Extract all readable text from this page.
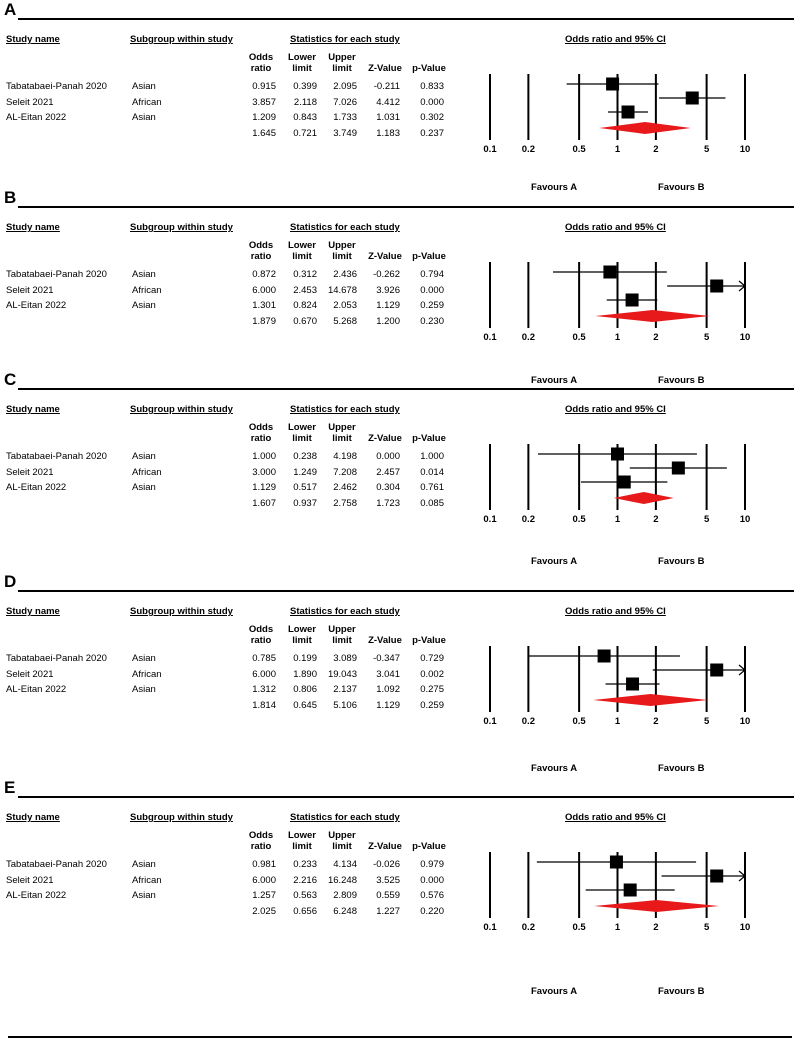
A
Study name	Subgroup within study	Statistics for each study	Odds ratio and 95% CI
Odds ratio
Lower limit
Upper limit	Z-Value p-Value
Tabatabaei-Panah 2020	Asian	0.915	0.399	2.095	-0.211	0.833
Seleit 2021	African	3.857	2.118	7.026	4.412	0.000
AL-Eitan 2022	Asian	1.209	0.843	1.733	1.031	0.302
1.645	0.721	3.749	1.183	0.237
0.1	0.2	0.5	1	2	5	10
Favours A	Favours B
B
Study name	Subgroup within study	Statistics for each study	Odds ratio and 95% CI
Odds ratio
Lower limit
Upper limit	Z-Value p-Value
Tabatabaei-Panah 2020	Asian	0.872	0.312	2.436	-0.262	0.794
Seleit 2021	African	6.000	2.453	14.678	3.926	0.000
AL-Eitan 2022	Asian	1.301	0.824	2.053	1.129	0.259
1.879	0.670	5.268	1.200	0.230
0.1	0.2	0.5	1	2	5	10
Favours A	Favours B
C
Study name	Subgroup within study	Statistics for each study	Odds ratio and 95% CI
Odds ratio
Lower limit
Upper limit	Z-Value p-Value
Tabatabaei-Panah 2020	Asian	1.000	0.238	4.198	0.000	1.000
Seleit 2021	African	3.000	1.249	7.208	2.457	0.014
AL-Eitan 2022	Asian	1.129	0.517	2.462	0.304	0.761
1.607	0.937	2.758	1.723	0.085
0.1	0.2	0.5	1	2	5	10
Favours A	Favours B
D
Study name	Subgroup within study	Statistics for each study	Odds ratio and 95% CI
Odds ratio
Lower limit
Upper limit	Z-Value p-Value
Tabatabaei-Panah 2020	Asian	0.785	0.199	3.089	-0.347	0.729
Seleit 2021	African	6.000	1.890	19.043	3.041	0.002
AL-Eitan 2022	Asian	1.312	0.806	2.137	1.092	0.275
1.814	0.645	5.106	1.129	0.259
0.1	0.2	0.5	1	2	5	10
Favours A	Favours B
E
Study name	Subgroup within study	Statistics for each study	Odds ratio and 95% CI
Odds ratio
Lower limit
Upper limit	Z-Value p-Value
Tabatabaei-Panah 2020	Asian	0.981	0.233	4.134	-0.026	0.979
Seleit 2021	African	6.000	2.216	16.248	3.525	0.000
AL-Eitan 2022	Asian	1.257	0.563	2.809	0.559	0.576
2.025	0.656	6.248	1.227	0.220
0.1	0.2	0.5	1	2	5	10
Favours A	Favours B
